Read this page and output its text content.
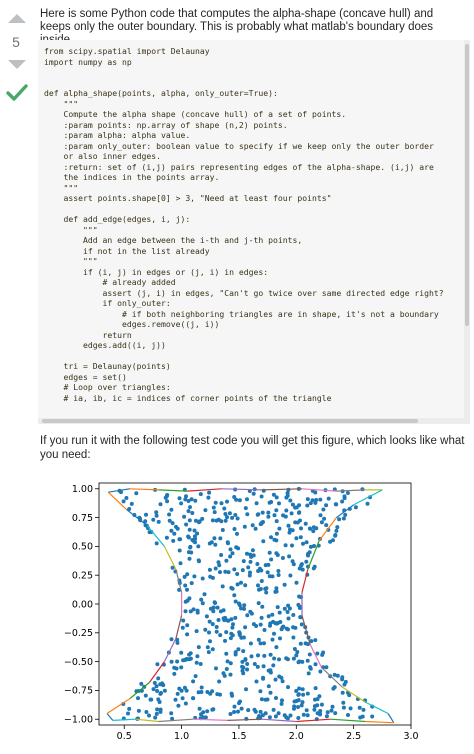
5
Here is some Python code that computes the alpha-shape (concave hull) and keeps only the outer boundary. This is probably what matlab's boundary does
from scipy.spatial import Delaunay
import numpy as np

def alpha_shape(points, alpha, only_outer=True):
"""
Compute the alpha shape (concave hull) of a set of points.
:param points: np.array of shape (n,2) points.
:param alpha: alpha value.
:param only_outer: boolean value to specify if we keep only the outer border
or also inner edges.
:return: set of (i,j) pairs representing edges of the alpha-shape. (i,j) are
the indices in the points array.
"""
assert points.shape[0] > 3, "Need at least four points"

def add_edge(edges, i, j):
"""
Add an edge between the i-th and j-th points,
if not in the list already
"""
if (i, j) in edges or (j, i) in edges:
# already added
assert (j, i) in edges, "Can't go twice over same directed edge right?
if only_outer:
# if both neighboring triangles are in shape, it's not a boundary
edges.remove((j, i))
return
edges.add((i, j))

tri = Delaunay(points)
edges = set()
# Loop over triangles:
# ia, ib, ic = indices of corner points of the triangle
If you run it with the following test code you will get this figure, which looks like what you need:
1.00
0.75
0.50
0.25
0.00
−0.25
−0.50
−0.75
−1.00
0.5	1.0	1.5	2.0	2.5	3.0
